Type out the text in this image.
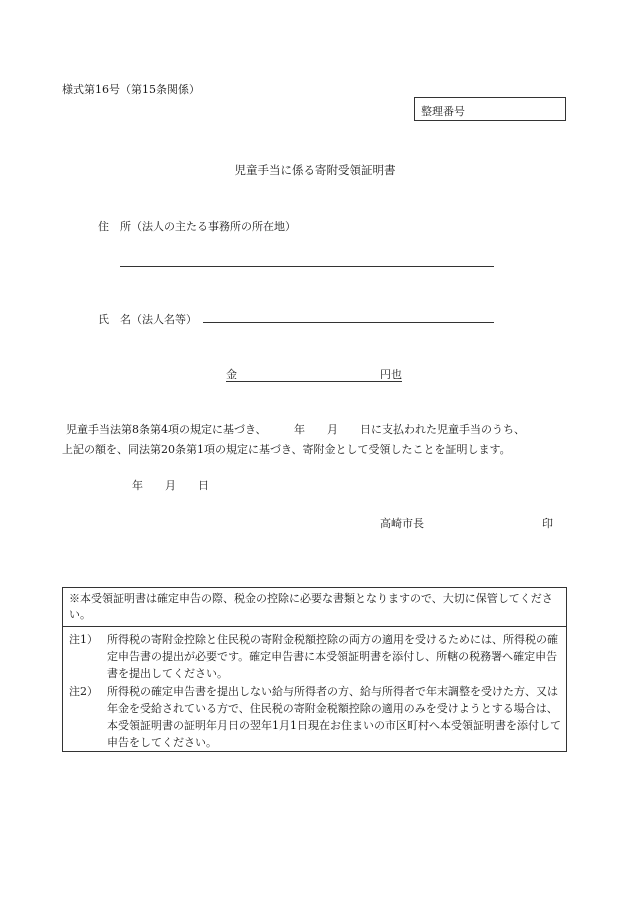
様式第16号（第15条関係）
整理番号
児童手当に係る寄附受領証明書
住　所（法人の主たる事務所の所在地）
氏　名（法人名等）
金	円也
児童手当法第8条第4項の規定に基づき、　　　年　　月　　日に支払われた児童手当のうち、
上記の額を、同法第20条第1項の規定に基づき、寄附金として受領したことを証明します。
年　　月　　日
高崎市長	印

※本受領証明書は確定申告の際、税金の控除に必要な書類となりますので、大切に保管してください。

注1） 所得税の寄附金控除と住民税の寄附金税額控除の両方の適用を受けるためには、所得税の確定申告書の提出が必要です。確定申告書に本受領証明書を添付し、所轄の税務署へ確定申告書を提出してください。
注2） 所得税の確定申告書を提出しない給与所得者の方、給与所得者で年末調整を受けた方、又は年金を受給されている方で、住民税の寄附金税額控除の適用のみを受けようとする場合は、本受領証明書の証明年月日の翌年1月1日現在お住まいの市区町村へ本受領証明書を添付して申告をしてください。
